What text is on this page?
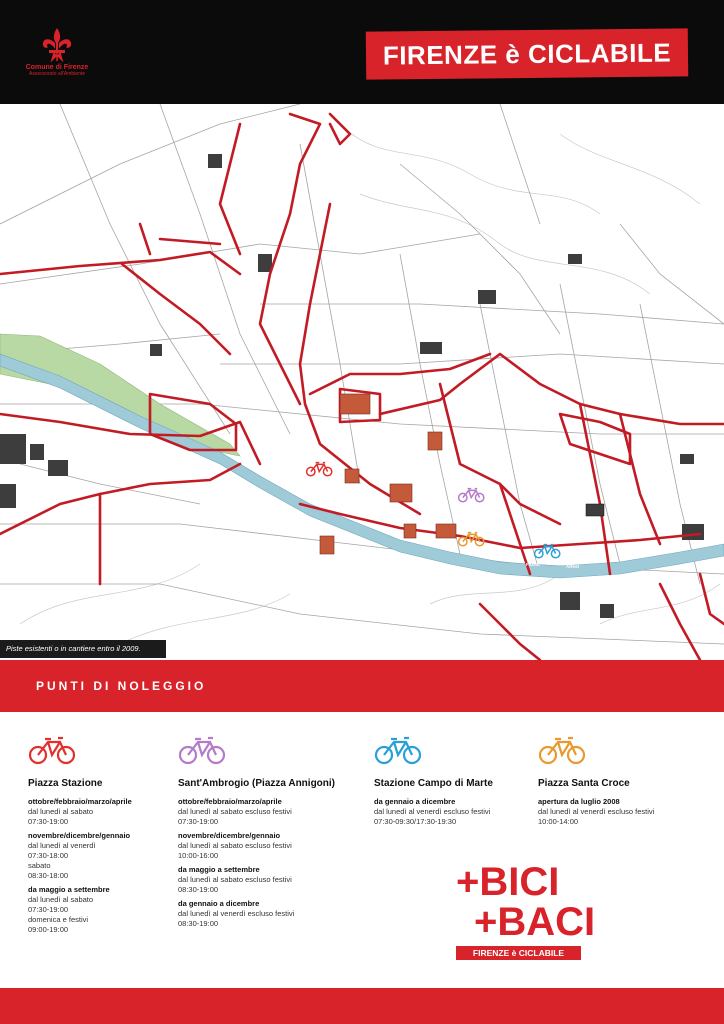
Comune di Firenze
Assessorato all'Ambiente
FIRENZE è CICLABILE
FIUME
ARNO
FIUME	ARNO
Piste esistenti o in cantiere entro il 2009.
PUNTI DI NOLEGGIO
Piazza Stazione
ottobre/febbraio/marzo/aprile
dal lunedì al sabato
07:30-19:00
novembre/dicembre/gennaio
dal lunedì al venerdì
07:30-18:00
sabato
08:30-18:00
da maggio a settembre
dal lunedì al sabato
07:30-19:00
domenica e festivi
09:00-19:00
Sant'Ambrogio (Piazza Annigoni)
ottobre/febbraio/marzo/aprile
dal lunedì al sabato escluso festivi
07:30-19:00
novembre/dicembre/gennaio
dal lunedì al sabato escluso festivi
10:00-16:00
da maggio a settembre
dal lunedì al sabato escluso festivi
08:30-19:00
da gennaio a dicembre
dal lunedì al venerdì escluso festivi
08:30-19:00
Stazione Campo di Marte
da gennaio a dicembre
dal lunedì al venerdì escluso festivi
07:30-09:30/17:30-19:30
Piazza Santa Croce
apertura da luglio 2008
dal lunedì al venerdì escluso festivi
10:00-14:00
+BICI
+BACI
FIRENZE è CICLABILE
